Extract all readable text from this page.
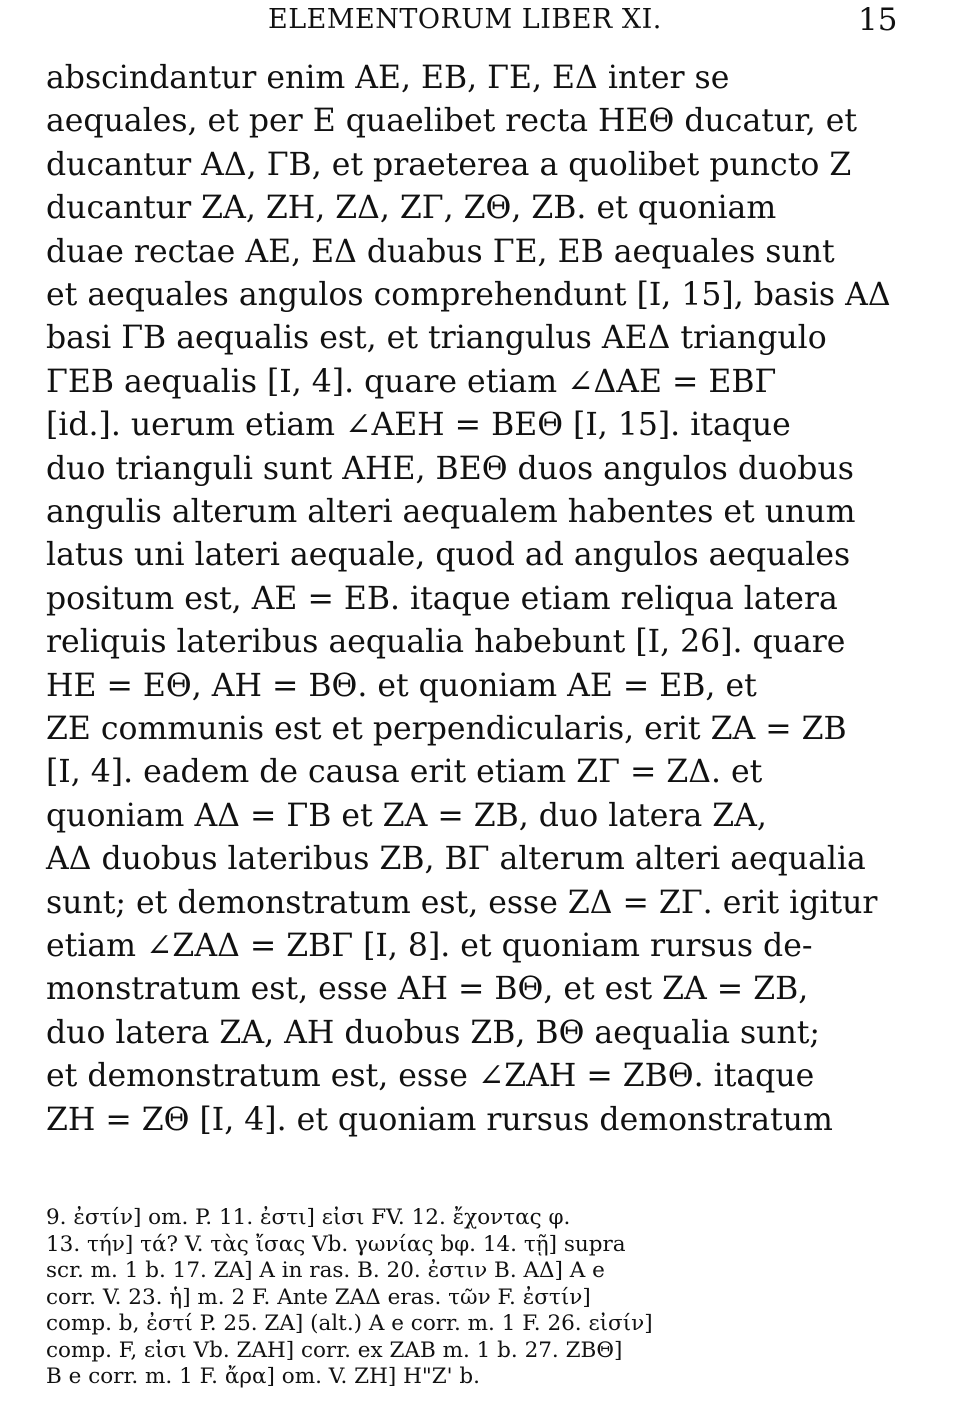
ELEMENTORUM LIBER XI.	15
abscindantur enim ΑΕ, ΕΒ, ΓΕ, ΕΔ inter se
aequales, et per Ε quaelibet recta ΗΕΘ ducatur, et
ducantur ΑΔ, ΓΒ, et praeterea a quolibet puncto Ζ
ducantur ΖΑ, ΖΗ, ΖΔ, ΖΓ, ΖΘ, ΖΒ. et quoniam
duae rectae ΑΕ, ΕΔ duabus ΓΕ, ΕΒ aequales sunt
et aequales angulos comprehendunt [I, 15], basis ΑΔ
basi ΓΒ aequalis est, et triangulus ΑΕΔ triangulo
ΓΕΒ aequalis [I, 4]. quare etiam ∠ΔΑΕ = ΕΒΓ
[id.]. uerum etiam ∠ΑΕΗ = ΒΕΘ [I, 15]. itaque
duo trianguli sunt ΑΗΕ, ΒΕΘ duos angulos duobus
angulis alterum alteri aequalem habentes et unum
latus uni lateri aequale, quod ad angulos aequales
positum est, ΑΕ = ΕΒ. itaque etiam reliqua latera
reliquis lateribus aequalia habebunt [I, 26]. quare
ΗΕ = ΕΘ, ΑΗ = ΒΘ. et quoniam ΑΕ = ΕΒ, et
ΖΕ communis est et perpendicularis, erit ΖΑ = ΖΒ
[I, 4]. eadem de causa erit etiam ΖΓ = ΖΔ. et
quoniam ΑΔ = ΓΒ et ΖΑ = ΖΒ, duo latera ΖΑ,
ΑΔ duobus lateribus ΖΒ, ΒΓ alterum alteri aequalia
sunt; et demonstratum est, esse ΖΔ = ΖΓ. erit igitur
etiam ∠ΖΑΔ = ΖΒΓ [I, 8]. et quoniam rursus de-
monstratum est, esse ΑΗ = ΒΘ, et est ΖΑ = ΖΒ,
duo latera ΖΑ, ΑΗ duobus ΖΒ, ΒΘ aequalia sunt;
et demonstratum est, esse ∠ΖΑΗ = ΖΒΘ. itaque
ΖΗ = ΖΘ [I, 4]. et quoniam rursus demonstratum
9. ἐστίν] om. P. 11. ἐστι] εἰσι FV. 12. ἔχοντας φ.
13. τήν] τά? V. τὰς ἴσας Vb. γωνίας bφ. 14. τῇ] supra
scr. m. 1 b. 17. ΖΑ] Α in ras. B. 20. ἐστιν B. ΑΔ] Α e
corr. V. 23. ἡ] m. 2 F. Ante ΖΑΔ eras. τῶν F. ἐστίν]
comp. b, ἐστί P. 25. ΖΑ] (alt.) Α e corr. m. 1 F. 26. εἰσίν]
comp. F, εἰσι Vb. ΖΑΗ] corr. ex ΖΑΒ m. 1 b. 27. ΖΒΘ]
Β e corr. m. 1 F. ἄρα] om. V. ΖΗ] Η"Ζ' b.
